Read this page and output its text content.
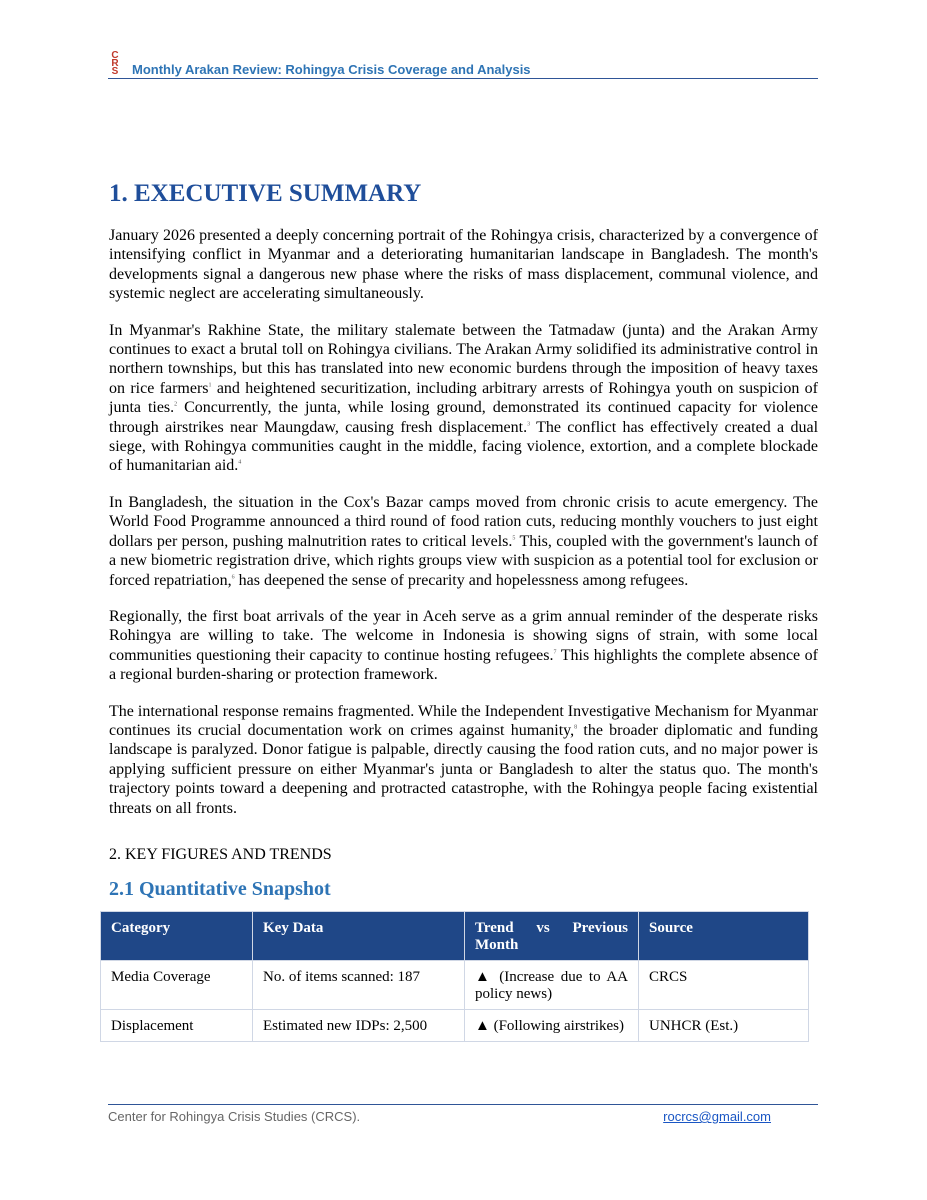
C
R
S Monthly Arakan Review: Rohingya Crisis Coverage and Analysis
1. EXECUTIVE SUMMARY

January 2026 presented a deeply concerning portrait of the Rohingya crisis, characterized by a convergence of intensifying conflict in Myanmar and a deteriorating humanitarian landscape in Bangladesh. The month's developments signal a dangerous new phase where the risks of mass displacement, communal violence, and systemic neglect are accelerating simultaneously.

In Myanmar's Rakhine State, the military stalemate between the Tatmadaw (junta) and the Arakan Army continues to exact a brutal toll on Rohingya civilians. The Arakan Army solidified its administrative control in northern townships, but this has translated into new economic burdens through the imposition of heavy taxes on rice farmers$^1$ and heightened securitization, including arbitrary arrests of Rohingya youth on suspicion of junta ties.$^2$ Concurrently, the junta, while losing ground, demonstrated its continued capacity for violence through airstrikes near Maungdaw, causing fresh displacement.$^3$ The conflict has effectively created a dual siege, with Rohingya communities caught in the middle, facing violence, extortion, and a complete blockade of humanitarian aid.$^4$

In Bangladesh, the situation in the Cox's Bazar camps moved from chronic crisis to acute emergency. The World Food Programme announced a third round of food ration cuts, reducing monthly vouchers to just eight dollars per person, pushing malnutrition rates to critical levels.$^5$ This, coupled with the government's launch of a new biometric registration drive, which rights groups view with suspicion as a potential tool for exclusion or forced repatriation,$^6$ has deepened the sense of precarity and hopelessness among refugees.

Regionally, the first boat arrivals of the year in Aceh serve as a grim annual reminder of the desperate risks Rohingya are willing to take. The welcome in Indonesia is showing signs of strain, with some local communities questioning their capacity to continue hosting refugees.$^7$ This highlights the complete absence of a regional burden-sharing or protection framework.

The international response remains fragmented. While the Independent Investigative Mechanism for Myanmar continues its crucial documentation work on crimes against humanity,$^8$ the broader diplomatic and funding landscape is paralyzed. Donor fatigue is palpable, directly causing the food ration cuts, and no major power is applying sufficient pressure on either Myanmar's junta or Bangladesh to alter the status quo. The month's trajectory points toward a deepening and protracted catastrophe, with the Rohingya people facing existential threats on all fronts.

2. KEY FIGURES AND TRENDS
2.1 Quantitative Snapshot
Category	Key Data	Trend vs Previous Month	Source
Media Coverage	No. of items scanned: 187	▲ (Increase due to AA policy news)	CRCS
Displacement	Estimated new IDPs: 2,500	▲ (Following airstrikes)	UNHCR (Est.)
Center for Rohingya Crisis Studies (CRCS).	rocrcs@gmail.com
